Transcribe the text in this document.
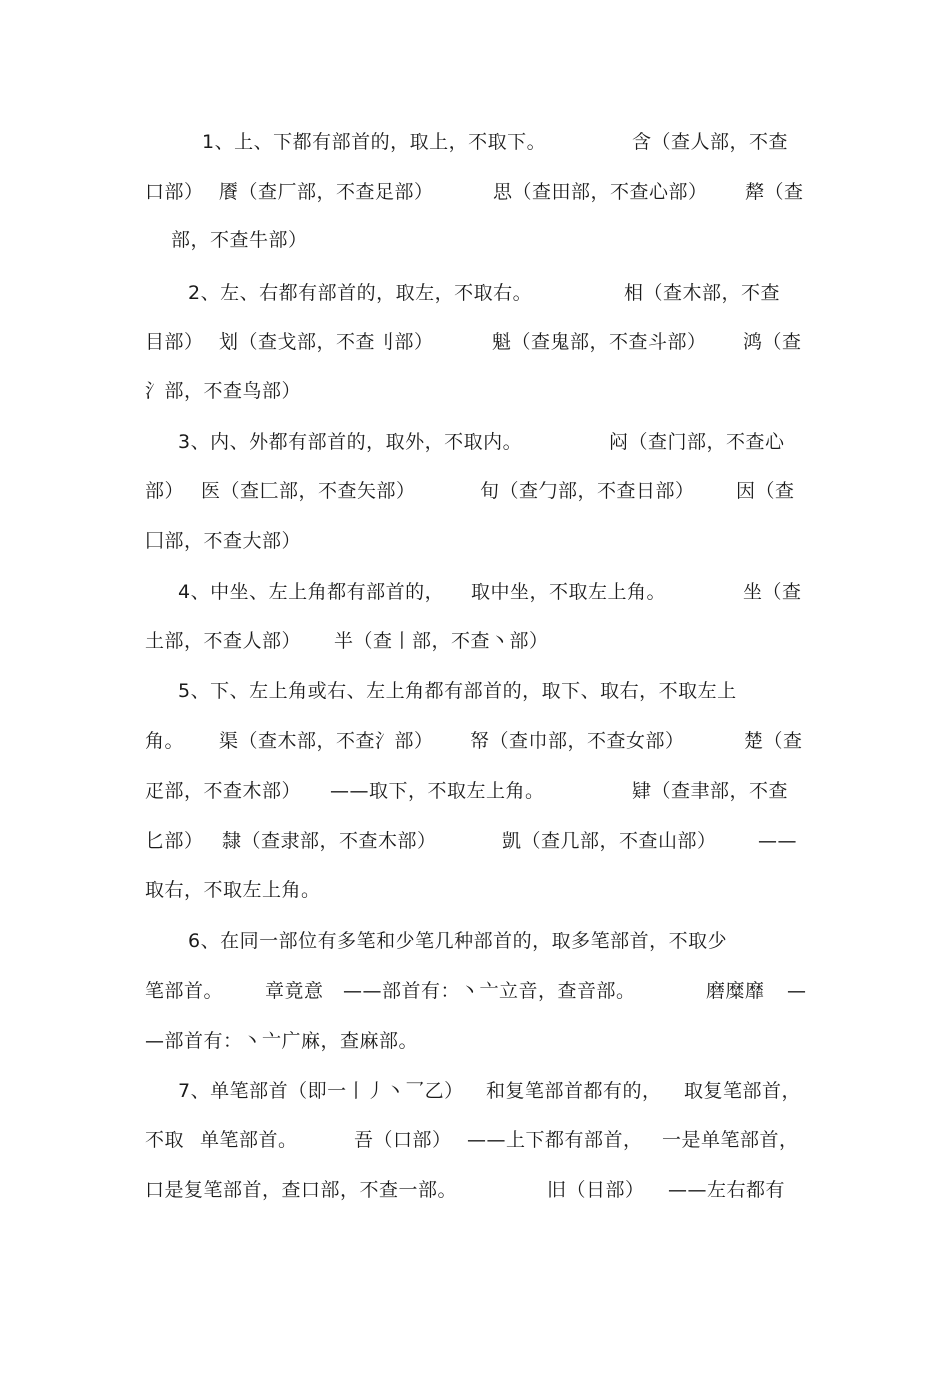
1、上、下都有部首的，取上，不取下。

	含（查人部，不查

口部）

餍（查厂部，不查足部）

	思（查田部，不查心部）

犛（查

部，不查牛部）

2、左、右都有部首的，取左，不取右。

	相（查木部，不查

目部）

划（查戈部，不查刂部）

	魁（查鬼部，不查斗部）

鸿（查

氵部，不查鸟部）

3、内、外都有部首的，取外，不取内。

	闷（查门部，不查心

部）

医（查匚部，不查矢部）

	旬（查勹部，不查日部）

因（查

囗部，不查大部）

4、中坐、左上角都有部首的，

取中坐，不取左上角。

	坐（查

土部，不查人部）

半（查丨部，不查丶部）

5、下、左上角或右、左上角都有部首的，取下、取右，不取左上

角。

渠（查木部，不查氵部）

帑（查巾部，不查女部）

	楚（查

疋部，不查木部）

——取下，不取左上角。

	肄（查聿部，不查

匕部）

隸（查隶部，不查木部）

	凱（查几部，不查山部）

——

取右，不取左上角。

6、在同一部位有多笔和少笔几种部首的，取多笔部首，不取少

笔部首。

章竟意

——部首有：丶亠立音，查音部。

	磨糜靡

—

—部首有：丶亠广麻，查麻部。

7、单笔部首（即一丨丿丶乛乙）

和复笔部首都有的，

取复笔部首，

不取

单笔部首。

	吾（口部）

——上下都有部首，

一是单笔部首，

口是复笔部首，查口部，不查一部。

	旧（日部）

——左右都有
